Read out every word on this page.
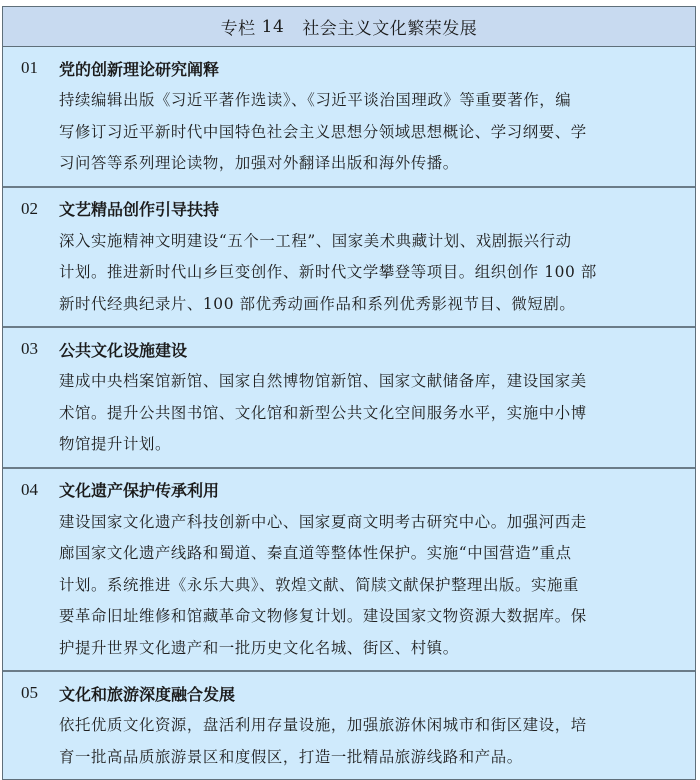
专栏 14 社会主义文化繁荣发展
01	党的创新理论研究阐释
持续编辑出版《习近平著作选读》、《习近平谈治国理政》等重要著作，编
写修订习近平新时代中国特色社会主义思想分领域思想概论、学习纲要、学
习问答等系列理论读物，加强对外翻译出版和海外传播。
02	文艺精品创作引导扶持
深入实施精神文明建设“五个一工程”、国家美术典藏计划、戏剧振兴行动
计划。推进新时代山乡巨变创作、新时代文学攀登等项目。组织创作 100 部
新时代经典纪录片、100 部优秀动画作品和系列优秀影视节目、微短剧。
03	公共文化设施建设
建成中央档案馆新馆、国家自然博物馆新馆、国家文献储备库，建设国家美
术馆。提升公共图书馆、文化馆和新型公共文化空间服务水平，实施中小博
物馆提升计划。
04	文化遗产保护传承利用
建设国家文化遗产科技创新中心、国家夏商文明考古研究中心。加强河西走
廊国家文化遗产线路和蜀道、秦直道等整体性保护。实施“中国营造”重点
计划。系统推进《永乐大典》、敦煌文献、简牍文献保护整理出版。实施重
要革命旧址维修和馆藏革命文物修复计划。建设国家文物资源大数据库。保
护提升世界文化遗产和一批历史文化名城、街区、村镇。
05	文化和旅游深度融合发展
依托优质文化资源，盘活利用存量设施，加强旅游休闲城市和街区建设，培
育一批高品质旅游景区和度假区，打造一批精品旅游线路和产品。
